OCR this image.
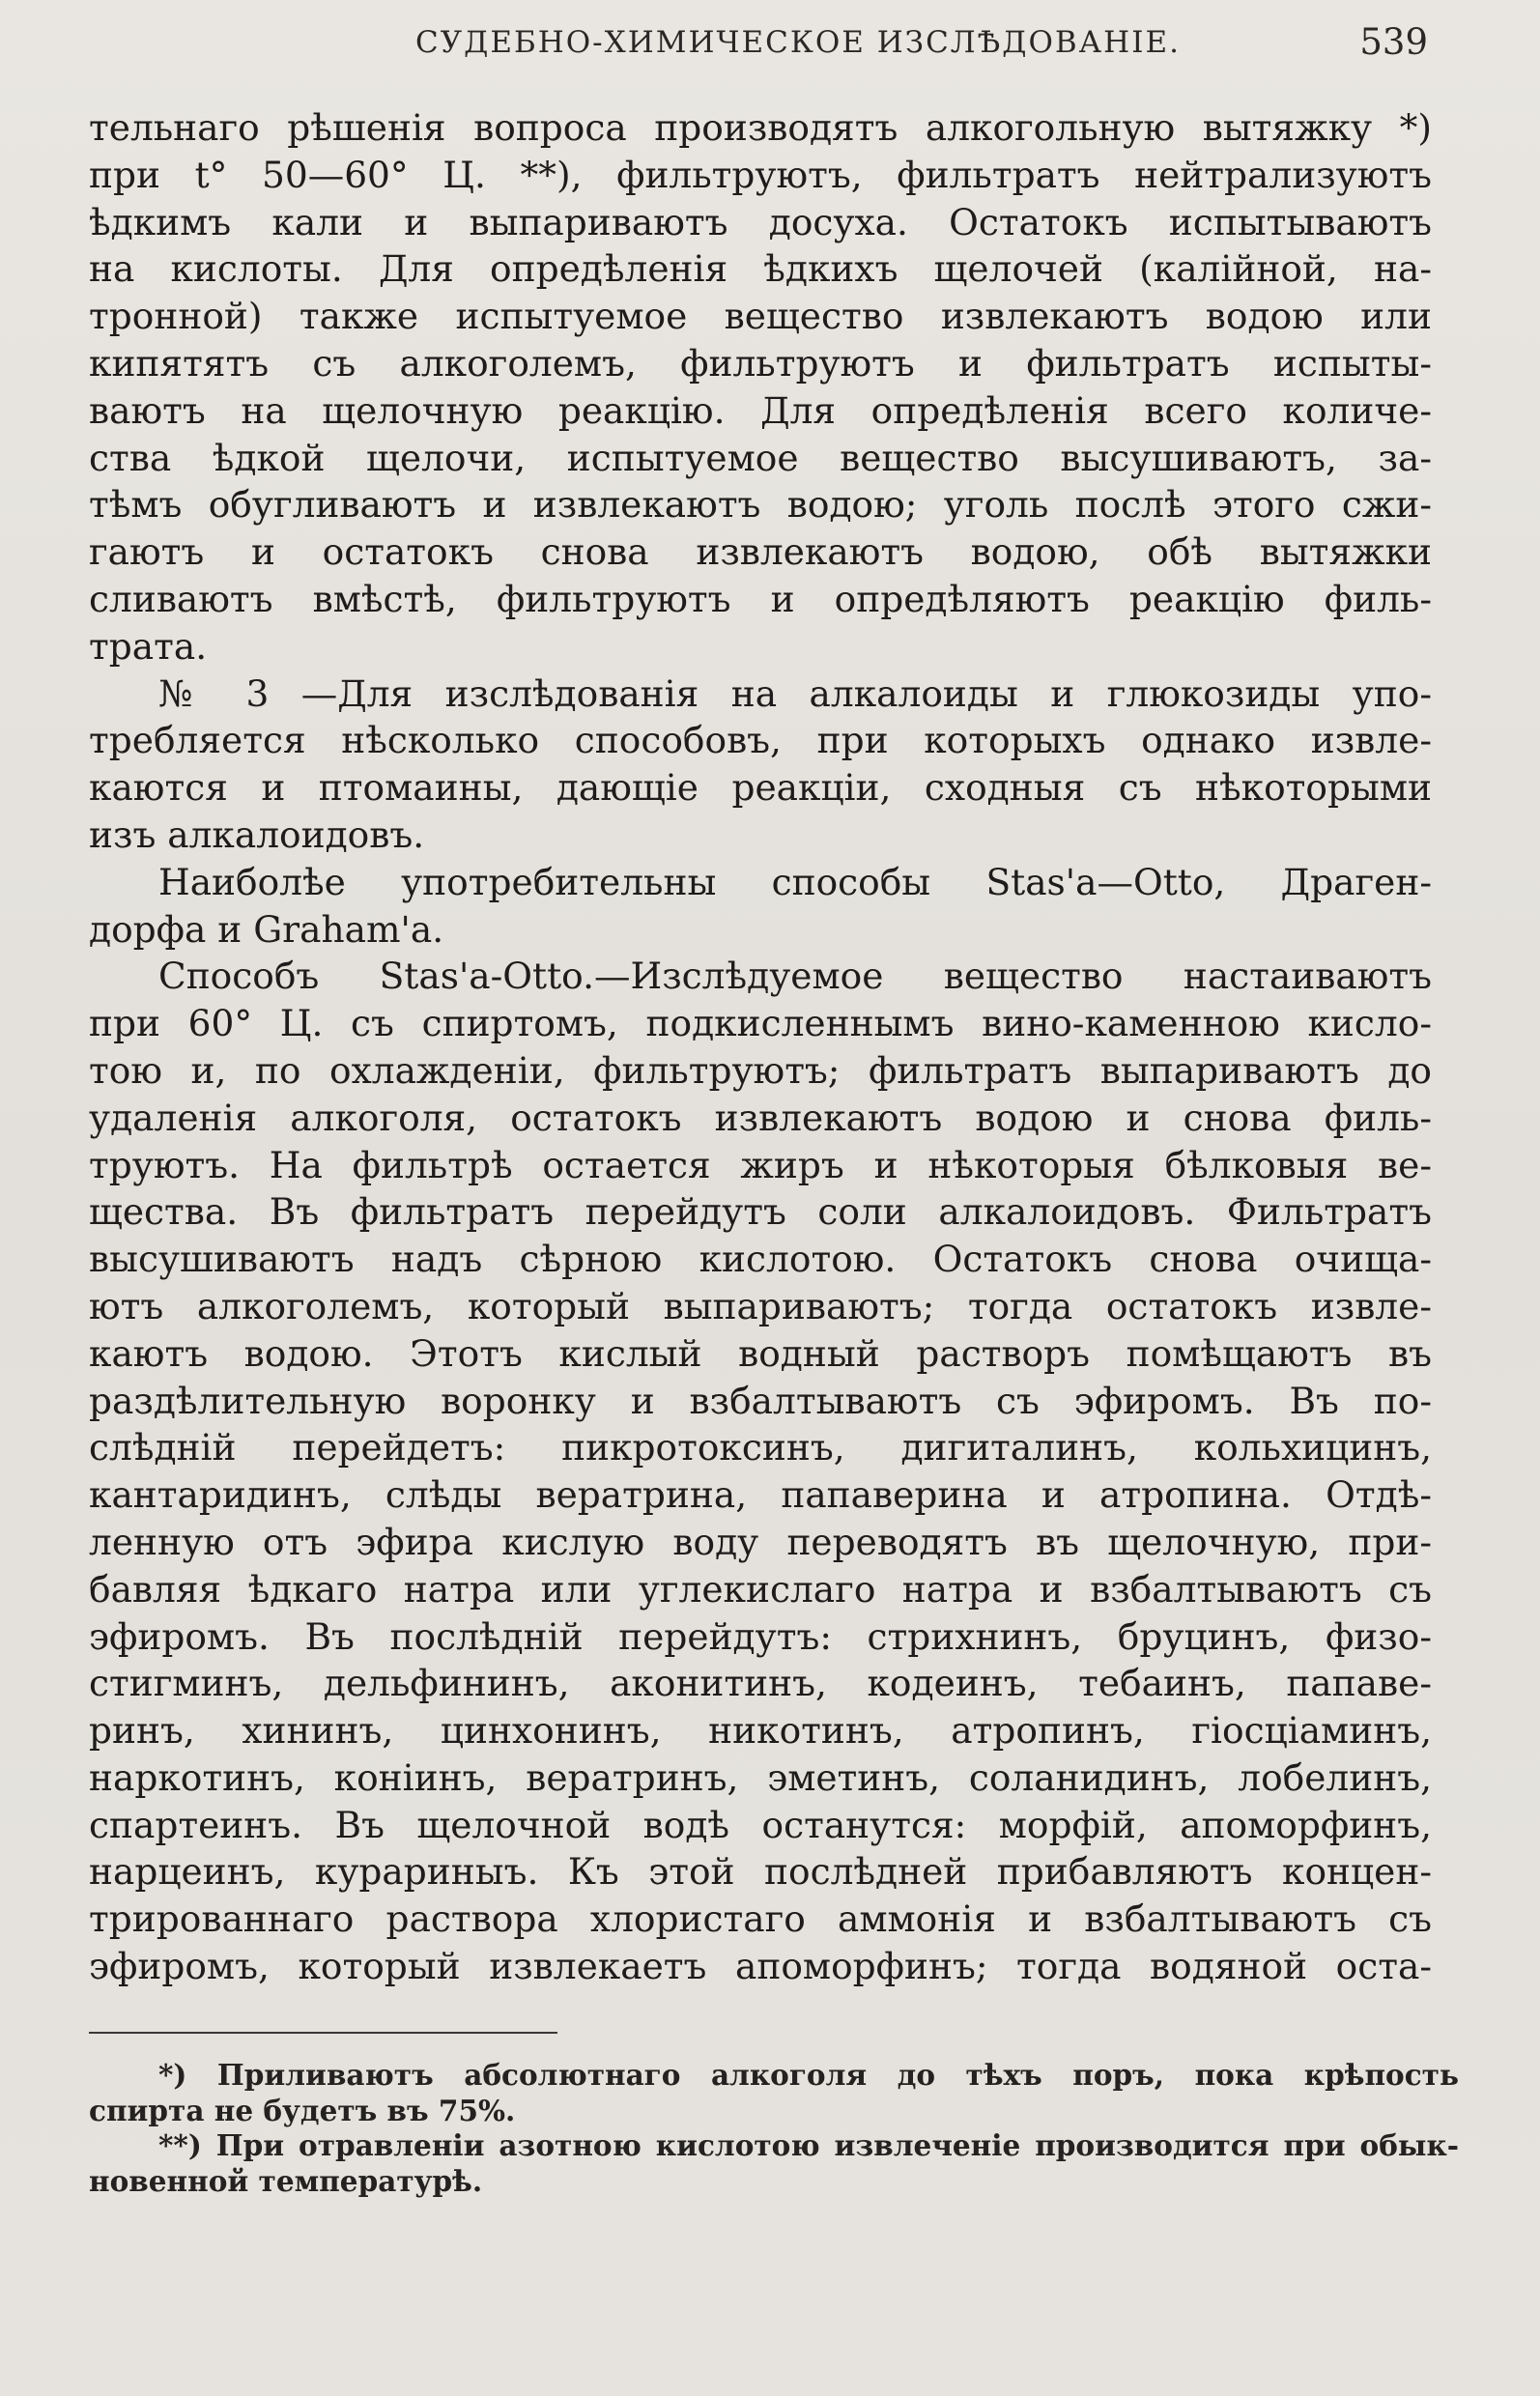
СУДЕБНО-ХИМИЧЕСКОЕ ИЗСЛѢДОВАНІЕ.	539
тельнаго рѣшенія вопроса производятъ алкогольную вытяжку *)
при t° 50—60° Ц. **), фильтруютъ, фильтратъ нейтрализуютъ
ѣдкимъ кали и выпариваютъ досуха. Остатокъ испытываютъ
на кислоты. Для опредѣленія ѣдкихъ щелочей (калійной, на-
тронной) также испытуемое вещество извлекаютъ водою или
кипятятъ съ алкоголемъ, фильтруютъ и фильтратъ испыты-
ваютъ на щелочную реакцію. Для опредѣленія всего количе-
ства ѣдкой щелочи, испытуемое вещество высушиваютъ, за-
тѣмъ обугливаютъ и извлекаютъ водою; уголь послѣ этого сжи-
гаютъ и остатокъ снова извлекаютъ водою, обѣ вытяжки
сливаютъ вмѣстѣ, фильтруютъ и опредѣляютъ реакцію филь-
трата.
№ 3 —Для изслѣдованія на алкалоиды и глюкозиды упо-
требляется нѣсколько способовъ, при которыхъ однако извле-
каются и птомаины, дающіе реакціи, сходныя съ нѣкоторыми
изъ алкалоидовъ.
Наиболѣе употребительны способы Stas'a—Otto, Драген-
дорфа и Graham'a.
Способъ Stas'a-Otto.—Изслѣдуемое вещество настаиваютъ
при 60° Ц. съ спиртомъ, подкисленнымъ вино-каменною кисло-
тою и, по охлажденіи, фильтруютъ; фильтратъ выпариваютъ до
удаленія алкоголя, остатокъ извлекаютъ водою и снова филь-
труютъ. На фильтрѣ остается жиръ и нѣкоторыя бѣлковыя ве-
щества. Въ фильтратъ перейдутъ соли алкалоидовъ. Фильтратъ
высушиваютъ надъ сѣрною кислотою. Остатокъ снова очища-
ютъ алкоголемъ, который выпариваютъ; тогда остатокъ извле-
каютъ водою. Этотъ кислый водный растворъ помѣщаютъ въ
раздѣлительную воронку и взбалтываютъ съ эфиромъ. Въ по-
слѣдній перейдетъ: пикротоксинъ, дигиталинъ, кольхицинъ,
кантаридинъ, слѣды вератрина, папаверина и атропина. Отдѣ-
ленную отъ эфира кислую воду переводятъ въ щелочную, при-
бавляя ѣдкаго натра или углекислаго натра и взбалтываютъ съ
эфиромъ. Въ послѣдній перейдутъ: стрихнинъ, бруцинъ, физо-
стигминъ, дельфининъ, аконитинъ, кодеинъ, тебаинъ, папаве-
ринъ, хининъ, цинхонинъ, никотинъ, атропинъ, гіосціаминъ,
наркотинъ, коніинъ, вератринъ, эметинъ, соланидинъ, лобелинъ,
спартеинъ. Въ щелочной водѣ останутся: морфій, апоморфинъ,
нарцеинъ, курариныъ. Къ этой послѣдней прибавляютъ концен-
трированнаго раствора хлористаго аммонія и взбалтываютъ съ
эфиромъ, который извлекаетъ апоморфинъ; тогда водяной оста-
*) Приливаютъ абсолютнаго алкоголя до тѣхъ поръ, пока крѣпость
спирта не будетъ въ 75%.
**) При отравленіи азотною кислотою извлеченіе производится при обык-
новенной температурѣ.
